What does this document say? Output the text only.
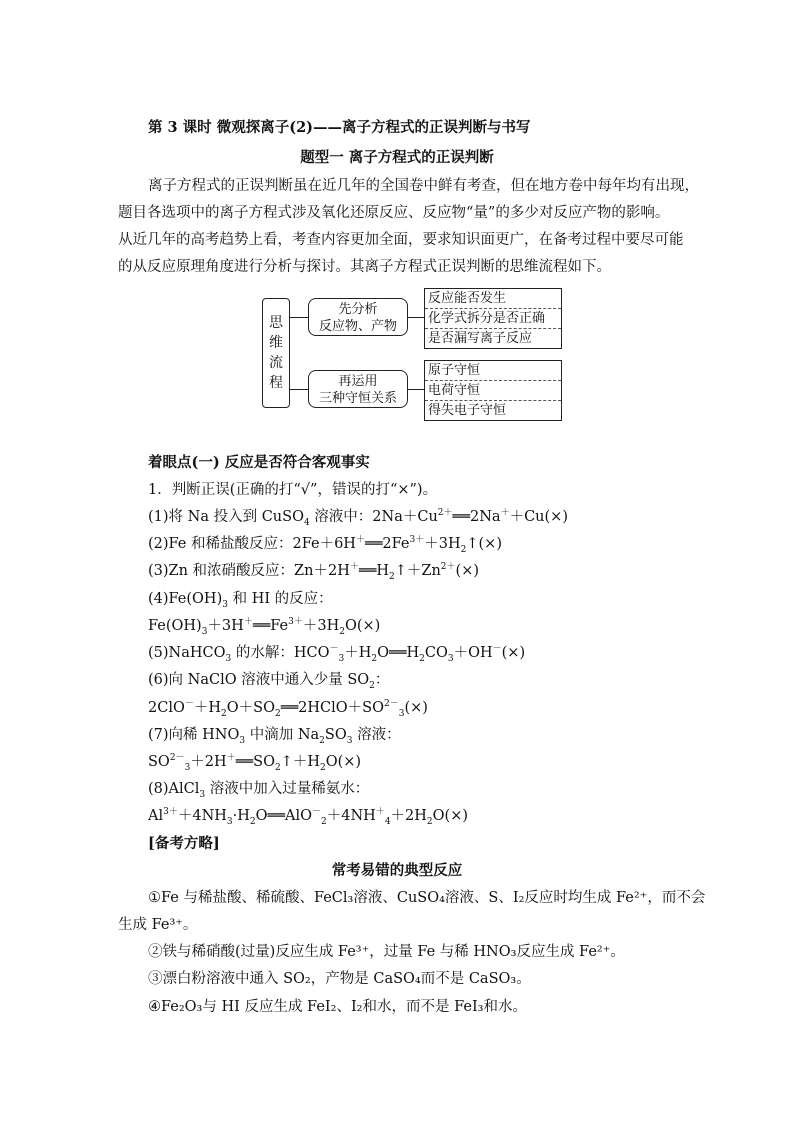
第 3 课时 微观探离子(2)——离子方程式的正误判断与书写
题型一 离子方程式的正误判断
离子方程式的正误判断虽在近几年的全国卷中鲜有考查，但在地方卷中每年均有出现，
题目各选项中的离子方程式涉及氧化还原反应、反应物“量”的多少对反应产物的影响。
从近几年的高考趋势上看，考查内容更加全面，要求知识面更广，在备考过程中要尽可能
的从反应原理角度进行分析与探讨。其离子方程式正误判断的思维流程如下。
思维流程
先分析
反应物、产物
再运用
三种守恒关系
反应能否发生
化学式拆分是否正确
是否漏写离子反应
原子守恒
电荷守恒
得失电子守恒
着眼点(一) 反应是否符合客观事实
1．判断正误(正确的打“√”，错误的打“×”)。
(1)将 Na 投入到 CuSO$_4$ 溶液中：$2Na+Cu^{2+}══2Na^++Cu(\times)$
(2)Fe 和稀盐酸反应：$2Fe+6H^+══2Fe^{3+}+3H_2↑(\times)$
(3)Zn 和浓硝酸反应：$Zn+2H^+══H_2↑+Zn^{2+}(\times)$
$(4)Fe(OH)_3$ 和 HI 的反应：
$Fe(OH)_3+3H^+══Fe^{3+}+3H_2O(\times)$
(5)NaHCO$_3$ 的水解：$HCO^-_3+H_2O══H_2CO_3+OH^-(\times)$
(6)向 NaClO 溶液中通入少量 $SO_2$：
$2ClO^-+H_2O+SO_2══2HClO+SO^{2-}_3(\times)$
(7)向稀 $HNO_3$ 中滴加 $Na_2SO_3$ 溶液：
$SO^{2-}_3+2H^+══SO_2↑+H_2O(\times)$
(8)AlCl$_3$ 溶液中加入过量稀氨水：
$Al^{3+}+4NH_3\cdot H_2O══AlO^-_2+4NH^+_4+2H_2O(\times)$
[备考方略]
常考易错的典型反应
①Fe 与稀盐酸、稀硫酸、FeCl₃溶液、CuSO₄溶液、S、I₂反应时均生成 Fe²⁺，而不会
生成 Fe³⁺。
②铁与稀硝酸(过量)反应生成 Fe³⁺，过量 Fe 与稀 HNO₃反应生成 Fe²⁺。
③漂白粉溶液中通入 SO₂，产物是 CaSO₄而不是 CaSO₃。
④Fe₂O₃与 HI 反应生成 FeI₂、I₂和水，而不是 FeI₃和水。
